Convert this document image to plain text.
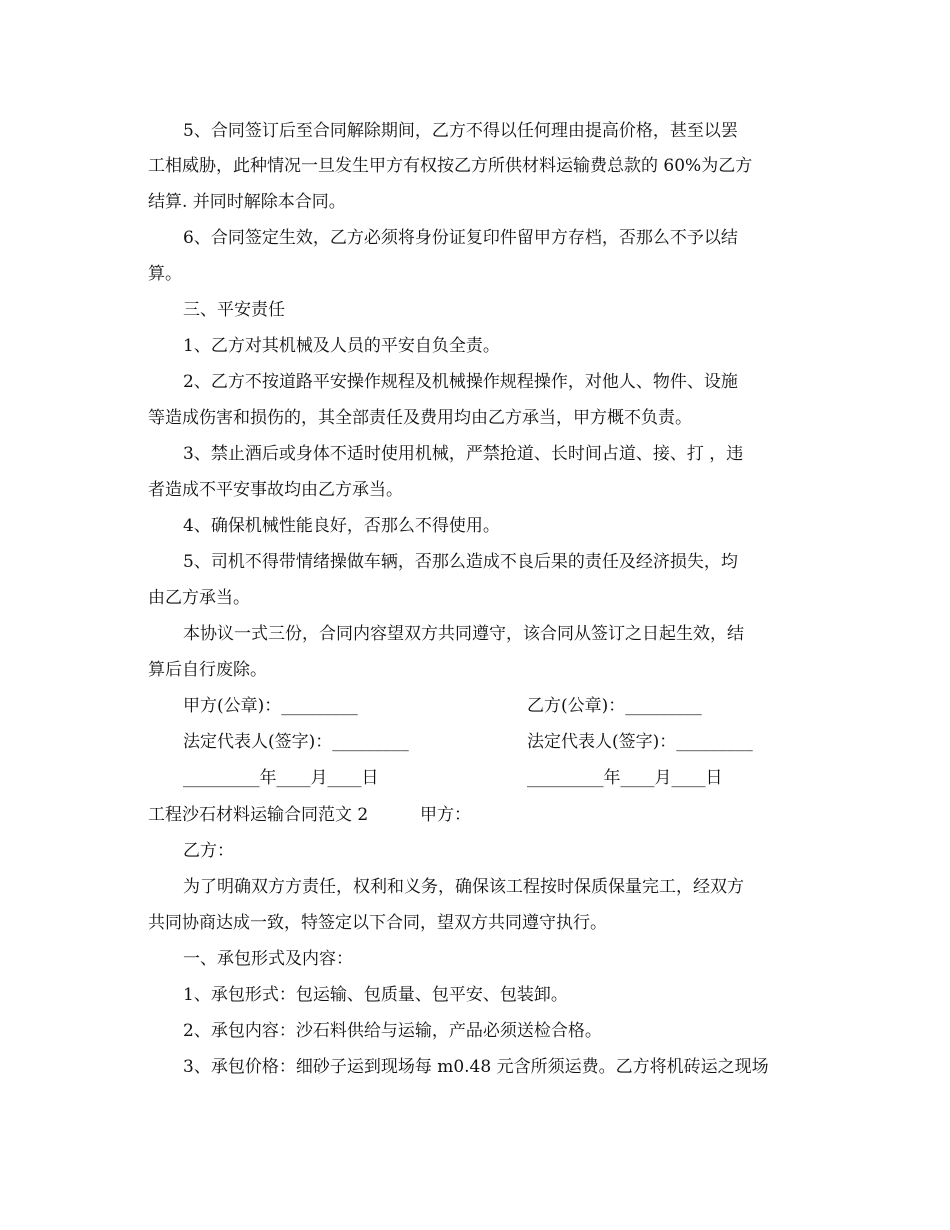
5、合同签订后至合同解除期间，乙方不得以任何理由提高价格，甚至以罢
工相威胁，此种情况一旦发生甲方有权按乙方所供材料运输费总款的 60%为乙方
结算. 并同时解除本合同。
6、合同签定生效，乙方必须将身份证复印件留甲方存档，否那么不予以结
算。
三、平安责任
1、乙方对其机械及人员的平安自负全责。
2、乙方不按道路平安操作规程及机械操作规程操作，对他人、物件、设施
等造成伤害和损伤的，其全部责任及费用均由乙方承当，甲方概不负责。
3、禁止酒后或身体不适时使用机械，严禁抢道、长时间占道、接、打 ，违
者造成不平安事故均由乙方承当。
4、确保机械性能良好，否那么不得使用。
5、司机不得带情绪操做车辆，否那么造成不良后果的责任及经济损失，均
由乙方承当。
本协议一式三份，合同内容望双方共同遵守，该合同从签订之日起生效，结
算后自行废除。
甲方(公章)：_________	乙方(公章)：_________
法定代表人(签字)：_________	法定代表人(签字)：_________
_________年____月____日	_________年____月____日
工程沙石材料运输合同范文 2	甲方：
乙方：
为了明确双方方责任，权利和义务，确保该工程按时保质保量完工，经双方
共同协商达成一致，特签定以下合同，望双方共同遵守执行。
一、承包形式及内容：
1、承包形式：包运输、包质量、包平安、包装卸。
2、承包内容：沙石料供给与运输，产品必须送检合格。
3、承包价格：细砂子运到现场每 m0.48 元含所须运费。乙方将机砖运之现场
